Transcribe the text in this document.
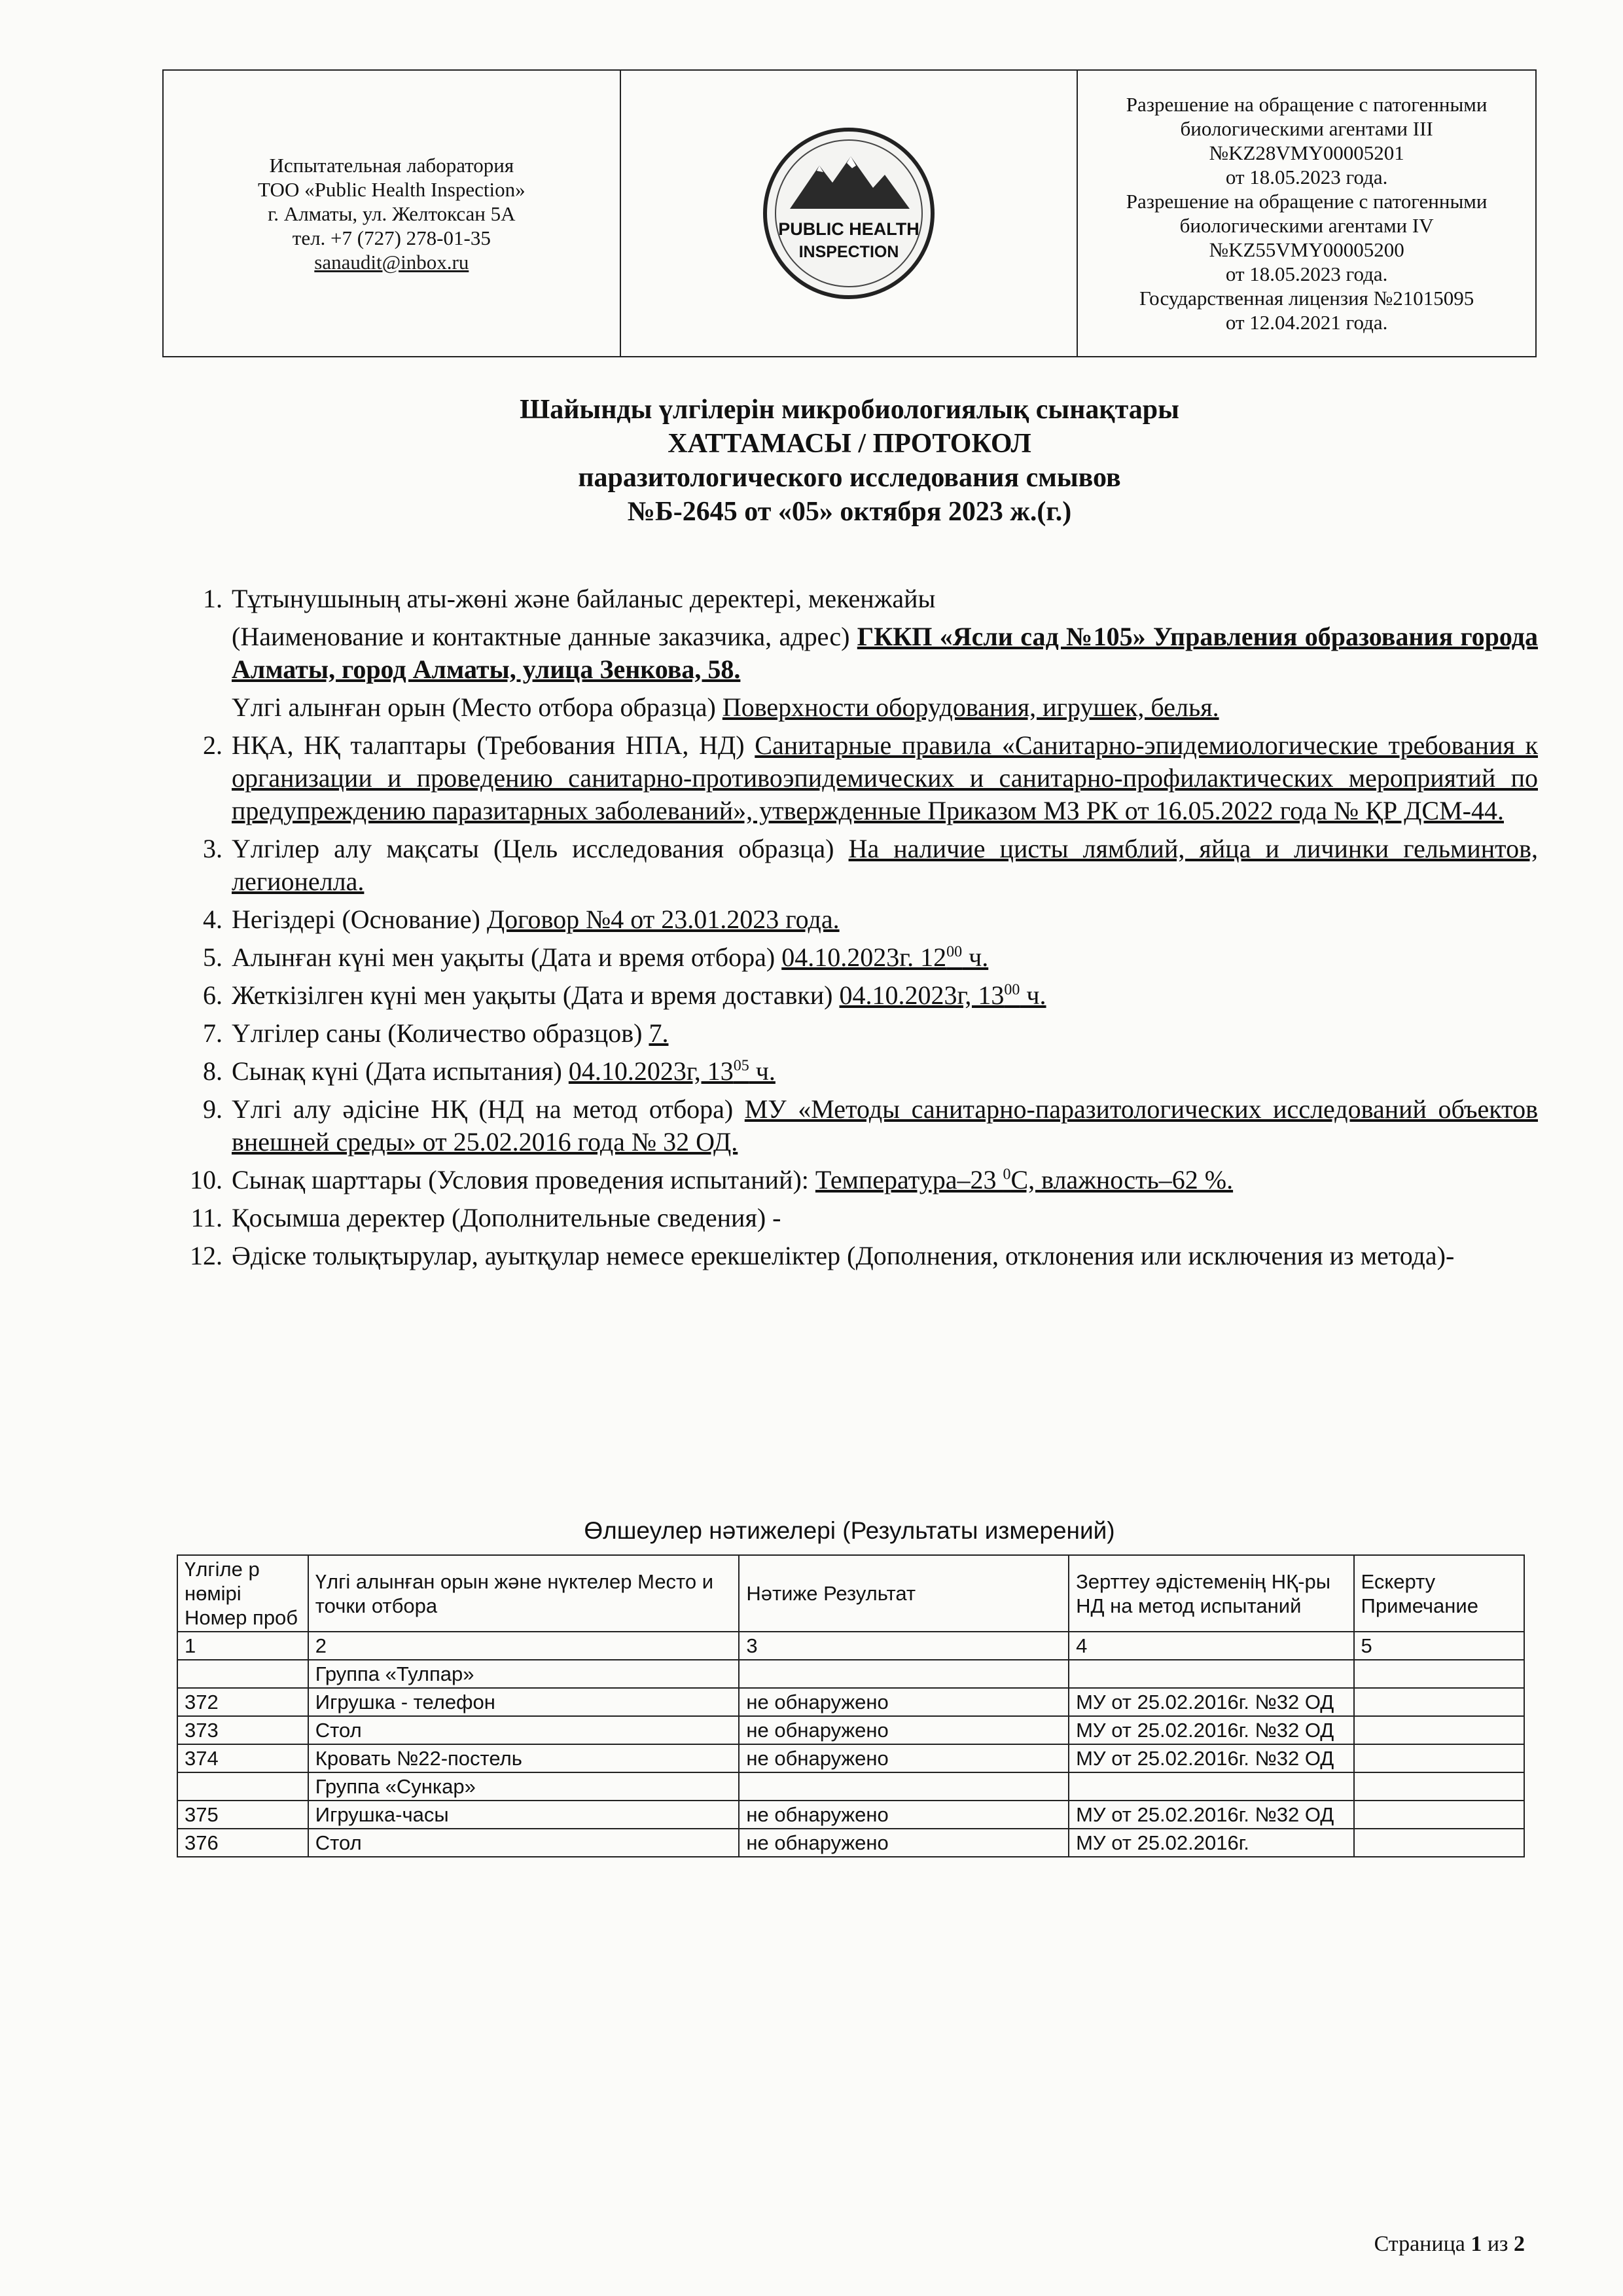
Испытательная лаборатория
ТОО «Public Health Inspection»
г. Алматы, ул. Желтоксан 5А
тел. +7 (727) 278-01-35
sanaudit@inbox.ru
PUBLIC HEALTH
INSPECTION
Разрешение на обращение с патогенными
биологическими агентами III
№KZ28VMY00005201
от 18.05.2023 года.
Разрешение на обращение с патогенными
биологическими агентами IV
№KZ55VMY00005200
от 18.05.2023 года.
Государственная лицензия №21015095
от 12.04.2021 года.
Шайынды үлгілерін микробиологиялық сынақтары
ХАТТАМАСЫ / ПРОТОКОЛ
паразитологического исследования смывов
№Б-2645 от «05» октября 2023 ж.(г.)
1. Тұтынушының аты-жөні және байланыс деректері, мекенжайы
(Наименование и контактные данные заказчика, адрес) ГККП «Ясли сад №105» Управления образования города Алматы, город Алматы, улица Зенкова, 58.
Үлгі алынған орын (Место отбора образца) Поверхности оборудования, игрушек, белья.
2. НҚА, НҚ талаптары (Требования НПА, НД) Санитарные правила «Санитарно-эпидемиологические требования к организации и проведению санитарно-противоэпидемических и санитарно-профилактических мероприятий по предупреждению паразитарных заболеваний», утвержденные Приказом МЗ РК от 16.05.2022 года № ҚР ДСМ-44.
3. Үлгілер алу мақсаты (Цель исследования образца) На наличие цисты лямблий, яйца и личинки гельминтов, легионелла.
4. Негіздері (Основание) Договор №4 от 23.01.2023 года.
5. Алынған күні мен уақыты (Дата и время отбора) 04.10.2023г. $12^{00}$ ч.
6. Жеткізілген күні мен уақыты (Дата и время доставки) 04.10.2023г, $13^{00}$ ч.
7. Үлгілер саны (Количество образцов) 7.
8. Сынақ күні (Дата испытания) 04.10.2023г, $13^{05}$ ч.
9. Үлгі алу әдісіне НҚ (НД на метод отбора) МУ «Методы санитарно-паразитологических исследований объектов внешней среды» от 25.02.2016 года № 32 ОД.
10. Сынақ шарттары (Условия проведения испытаний): Температура–23 $^0$С, влажность–62 %.
11. Қосымша деректер (Дополнительные сведения) -
12. Әдіске толықтырулар, ауытқулар немесе ерекшеліктер (Дополнения, отклонения или исключения из метода)-
Өлшеулер нәтижелері (Результаты измерений)
Үлгіле р нөмірі Номер проб	Үлгі алынған орын және нүктелер Место и точки отбора	Нәтиже Результат	Зерттеу әдістеменің НҚ-ры НД на метод испытаний	Ескерту Примечание
1	2	3	4	5
	Группа «Тулпар»			
372	Игрушка - телефон	не обнаружено	МУ от 25.02.2016г. №32 ОД	
373	Стол	не обнаружено	МУ от 25.02.2016г. №32 ОД	
374	Кровать №22-постель	не обнаружено	МУ от 25.02.2016г. №32 ОД	
	Группа «Сункар»			
375	Игрушка-часы	не обнаружено	МУ от 25.02.2016г. №32 ОД	
376	Стол	не обнаружено	МУ от 25.02.2016г.	
Страница 1 из 2
